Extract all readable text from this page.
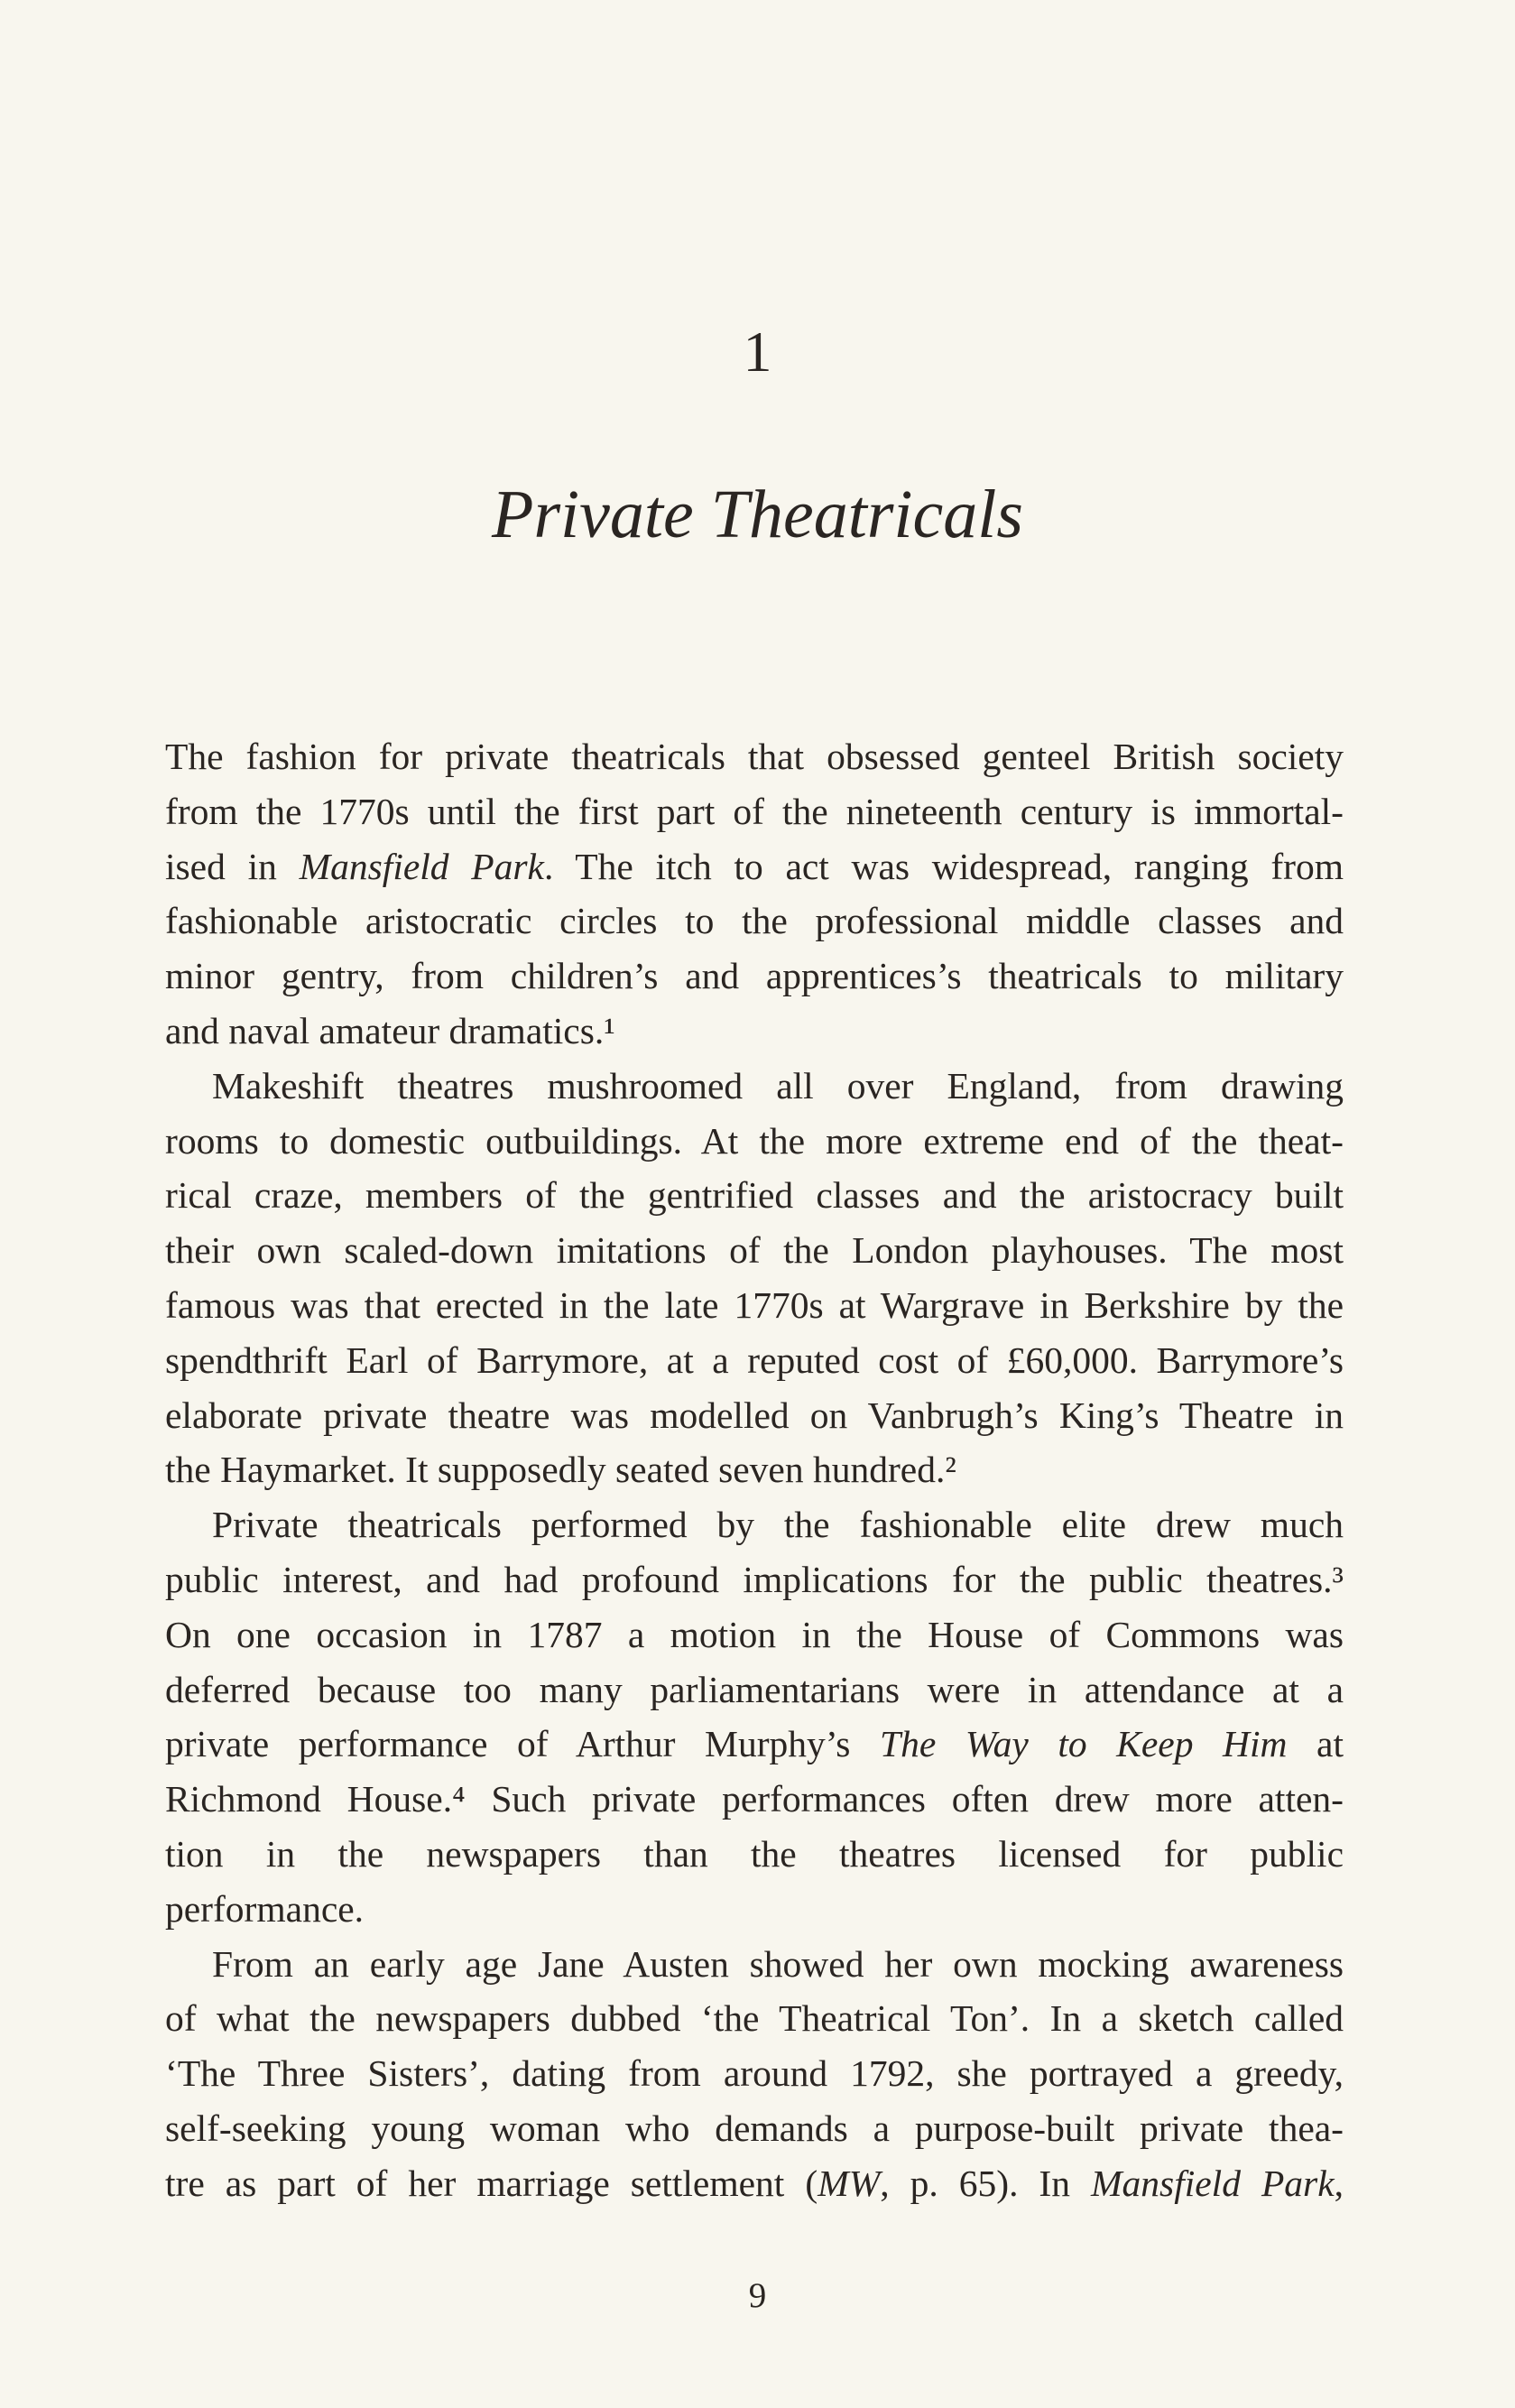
1
Private Theatricals
The fashion for private theatricals that obsessed genteel British society
from the 1770s until the first part of the nineteenth century is immortal-
ised in Mansfield Park. The itch to act was widespread, ranging from
fashionable aristocratic circles to the professional middle classes and
minor gentry, from children’s and apprentices’s theatricals to military
and naval amateur dramatics.¹
Makeshift theatres mushroomed all over England, from drawing
rooms to domestic outbuildings. At the more extreme end of the theat-
rical craze, members of the gentrified classes and the aristocracy built
their own scaled-down imitations of the London playhouses. The most
famous was that erected in the late 1770s at Wargrave in Berkshire by the
spendthrift Earl of Barrymore, at a reputed cost of £60,000. Barrymore’s
elaborate private theatre was modelled on Vanbrugh’s King’s Theatre in
the Haymarket. It supposedly seated seven hundred.²
Private theatricals performed by the fashionable elite drew much
public interest, and had profound implications for the public theatres.³
On one occasion in 1787 a motion in the House of Commons was
deferred because too many parliamentarians were in attendance at a
private performance of Arthur Murphy’s The Way to Keep Him at
Richmond House.⁴ Such private performances often drew more atten-
tion in the newspapers than the theatres licensed for public
performance.
From an early age Jane Austen showed her own mocking awareness
of what the newspapers dubbed ‘the Theatrical Ton’. In a sketch called
‘The Three Sisters’, dating from around 1792, she portrayed a greedy,
self-seeking young woman who demands a purpose-built private thea-
tre as part of her marriage settlement (MW, p. 65). In Mansfield Park,
9
